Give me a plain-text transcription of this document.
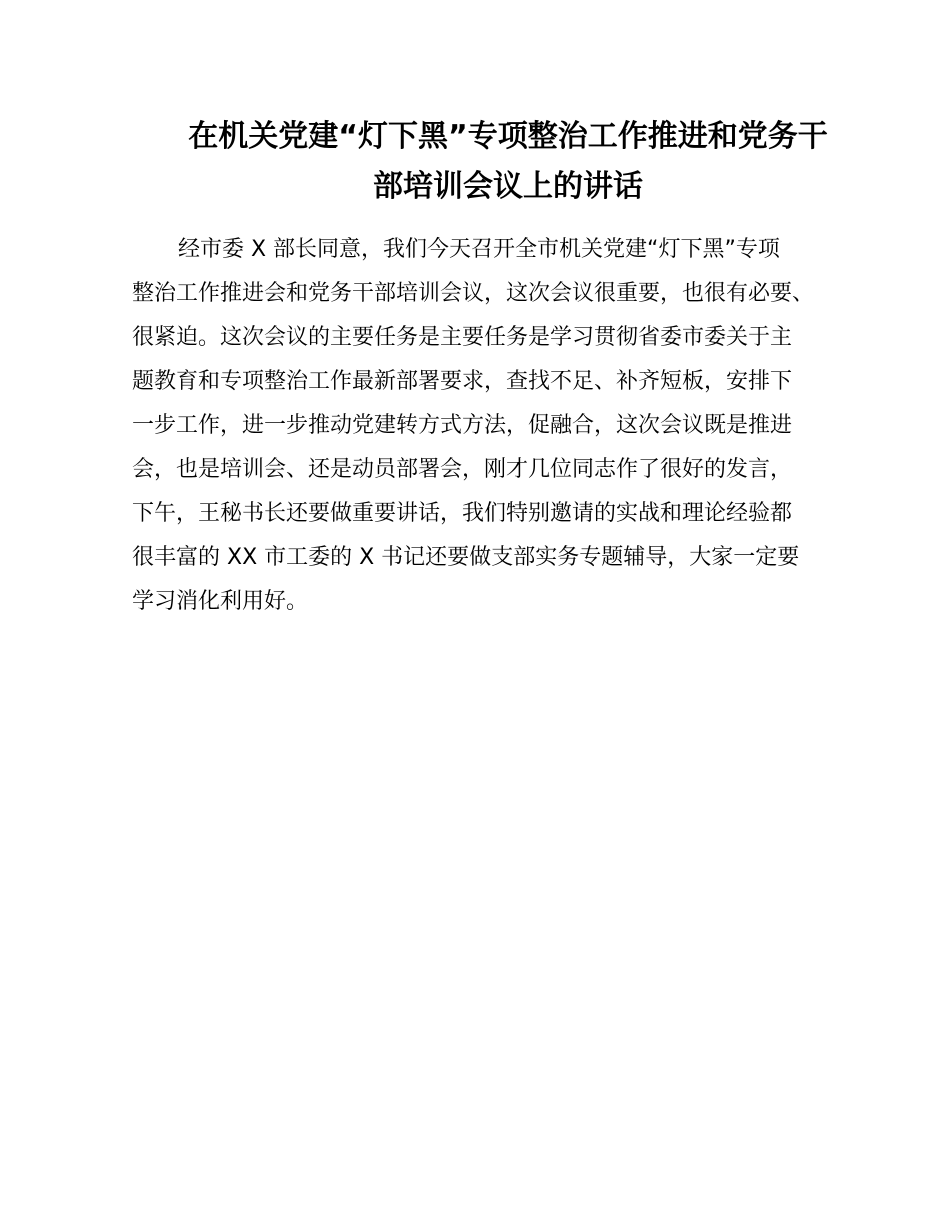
在机关党建“灯下黑”专项整治工作推进和党务干
部培训会议上的讲话
经市委 X 部长同意，我们今天召开全市机关党建“灯下黑”专项
整治工作推进会和党务干部培训会议，这次会议很重要，也很有必要、
很紧迫。这次会议的主要任务是主要任务是学习贯彻省委市委关于主
题教育和专项整治工作最新部署要求，查找不足、补齐短板，安排下
一步工作，进一步推动党建转方式方法，促融合，这次会议既是推进
会，也是培训会、还是动员部署会，刚才几位同志作了很好的发言，
下午，王秘书长还要做重要讲话，我们特别邀请的实战和理论经验都
很丰富的 XX 市工委的 X 书记还要做支部实务专题辅导，大家一定要
学习消化利用好。
